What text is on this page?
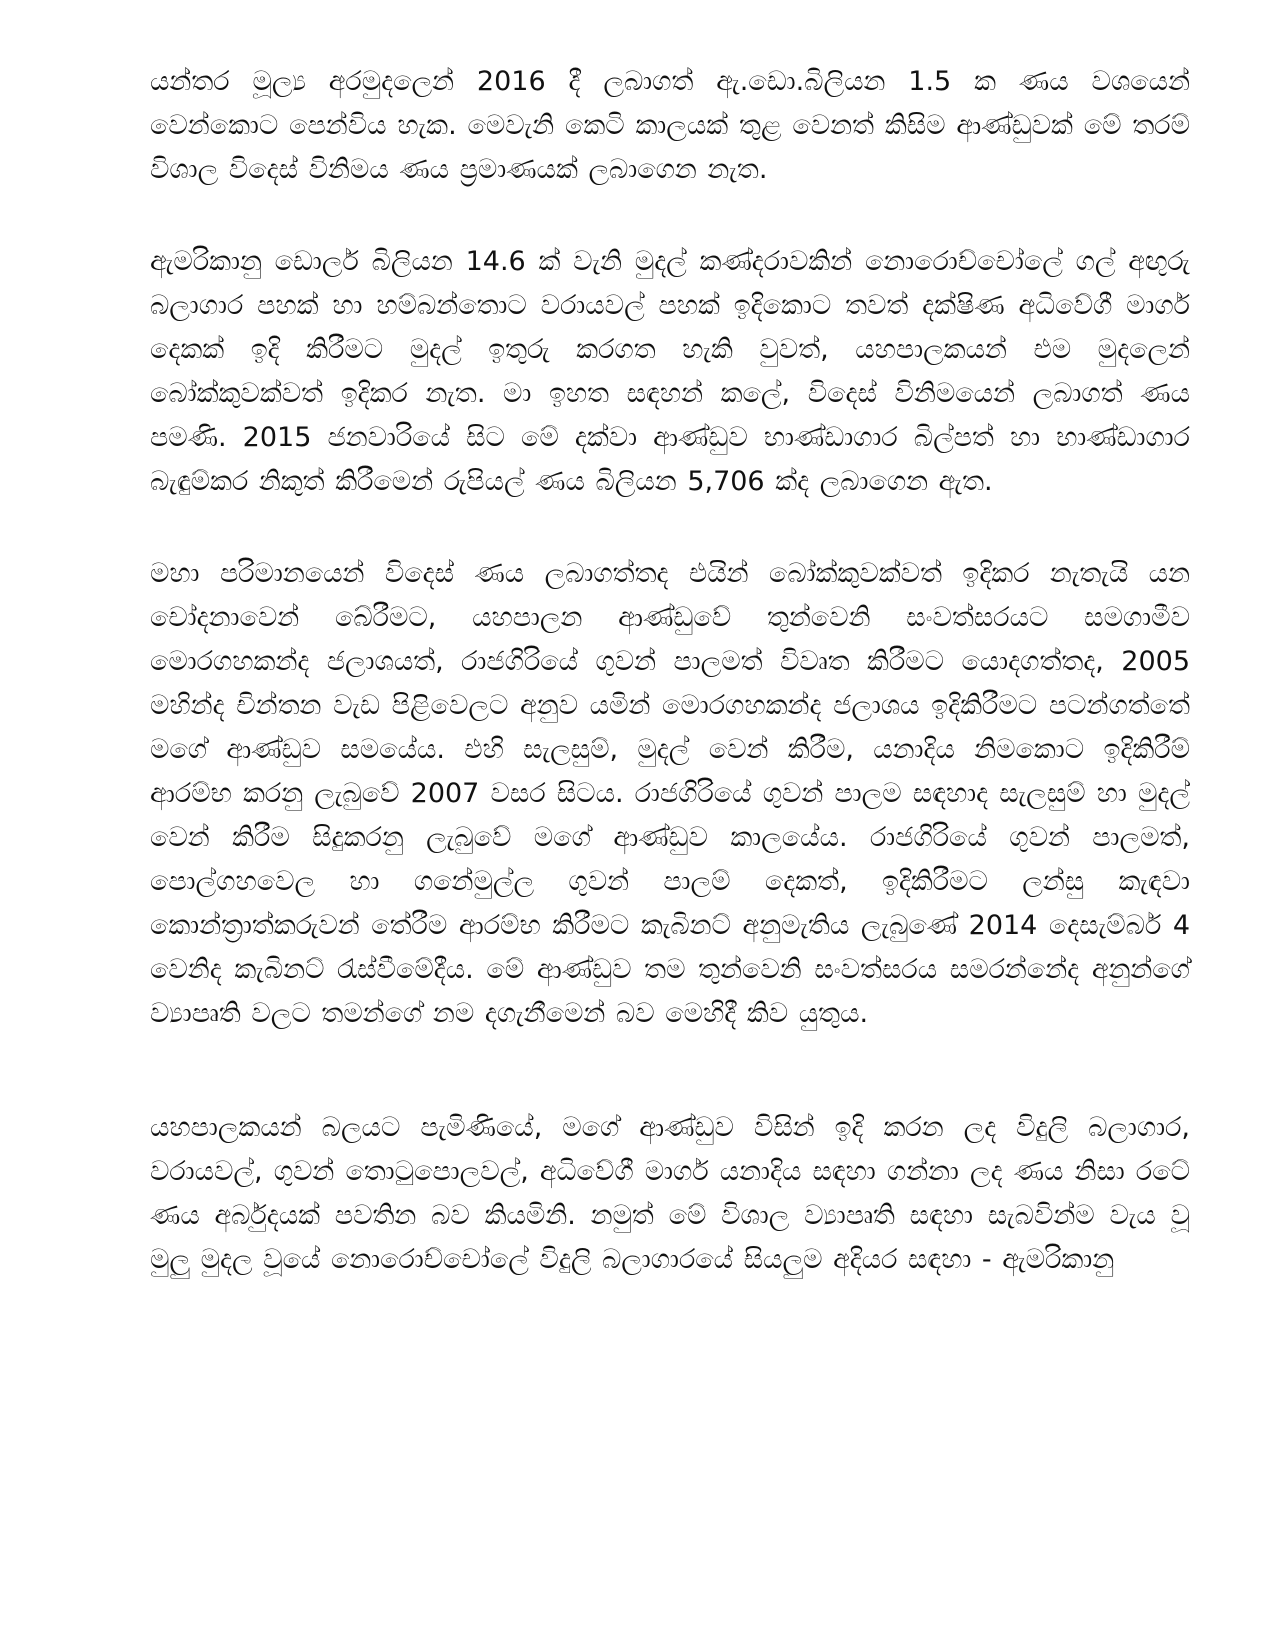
යන්තර මූල්‍ය අරමුදලෙන් 2016 දී ලබාගත් ඇ.ඩො.බිලියන 1.5 ක ණය වශයෙන් වෙන්කොට පෙන්විය හැක. මෙවැනි කෙටි කාලයක් තුළ වෙනත් කිසිම ආණ්ඩුවක් මේ තරම් විශාල විදෙස් විනිමය ණය ප්‍රමාණයක් ලබාගෙන නැත.

ඇමරිකානු ඩොලර් බිලියන 14.6 ක් වැනි මුදල් කණ්දරාවකින් නොරොච්චෝලේ ගල් අඟුරු බලාගාර පහක් හා හම්බන්තොට වරායවල් පහක් ඉදිකොට තවත් දක්ෂිණ අධිවේගී මාර්ග දෙකක් ඉදි කිරීමට මුදල් ඉතුරු කරගත හැකි වුවත්, යහපාලකයන් එම මුදලෙන් බෝක්කුවක්වත් ඉදිකර නැත. මා ඉහත සඳහන් කලේ, විදෙස් විනිමයෙන් ලබාගත් ණය පමණි. 2015 ජනවාරියේ සිට මේ දක්වා ආණ්ඩුව භාණ්ඩාගාර බිල්පත් හා භාණ්ඩාගාර බැඳුම්කර නිකුත් කිරීමෙන් රුපියල් ණය බිලියන 5,706 ක්ද ලබාගෙන ඇත.

මහා පරිමානයෙන් විදෙස් ණය ලබාගත්තද එයින් බෝක්කුවක්වත් ඉදිකර නැතැයි යන චෝදනාවෙන් බේරීමට, යහපාලන ආණ්ඩුවේ තුන්වෙනි සංවත්සරයට සමගාමීව මොරගහකන්ද ජලාශයත්, රාජගිරියේ ගුවන් පාලමත් විවෘත කිරීමට යොදගත්තද, 2005 මහින්ද චින්තන වැඩ පිළිවෙලට අනුව යමින් මොරගහකන්ද ජලාශය ඉදිකිරීමට පටන්ගත්තේ මගේ ආණ්ඩුව සමයේය. එහි සැලසුම්, මුදල් වෙන් කිරීම, යනාදිය නිමකොට ඉදිකිරීම් ආරම්භ කරනු ලැබුවේ 2007 වසර සිටය. රාජගිරියේ ගුවන් පාලම සඳහාද සැලසුම් හා මුදල් වෙන් කිරීම සිදුකරනු ලැබුවේ මගේ ආණ්ඩුව කාලයේය. රාජගිරියේ ගුවන් පාලමත්, පොල්ගහවෙල හා ගනේමුල්ල ගුවන් පාලම් දෙකත්, ඉදිකිරීමට ලන්සු කැඳවා කොන්ත්‍රාත්කරුවන් තේරීම ආරම්භ කිරීමට කැබිනට් අනුමැතිය ලැබුණේ 2014 දෙසැම්බර් 4 වෙනිද කැබිනට් රැස්වීමේදීය. මේ ආණ්ඩුව තම තුන්වෙනි සංවත්සරය සමරන්නේද අනුන්ගේ ව්‍යාපෘති වලට තමන්ගේ නම දගැනීමෙන් බව මෙහිදී කිව යුතුය.

යහපාලකයන් බලයට පැමිණියේ, මගේ ආණ්ඩුව විසින් ඉදි කරන ලද විදුලි බලාගාර, වරායවල්, ගුවන් තොටුපොලවල්, අධිවේගී මාර්ග යනාදිය සඳහා ගන්නා ලද ණය නිසා රටේ ණය අර්බුදයක් පවතින බව කියමිනි. නමුත් මේ විශාල ව්‍යාපෘති සඳහා සැබවින්ම වැය වූ මුලු මුදල වූයේ නොරොච්චෝලේ විදුලි බලාගාරයේ සියලුම අදියර සඳහා - ඇමරිකානු
